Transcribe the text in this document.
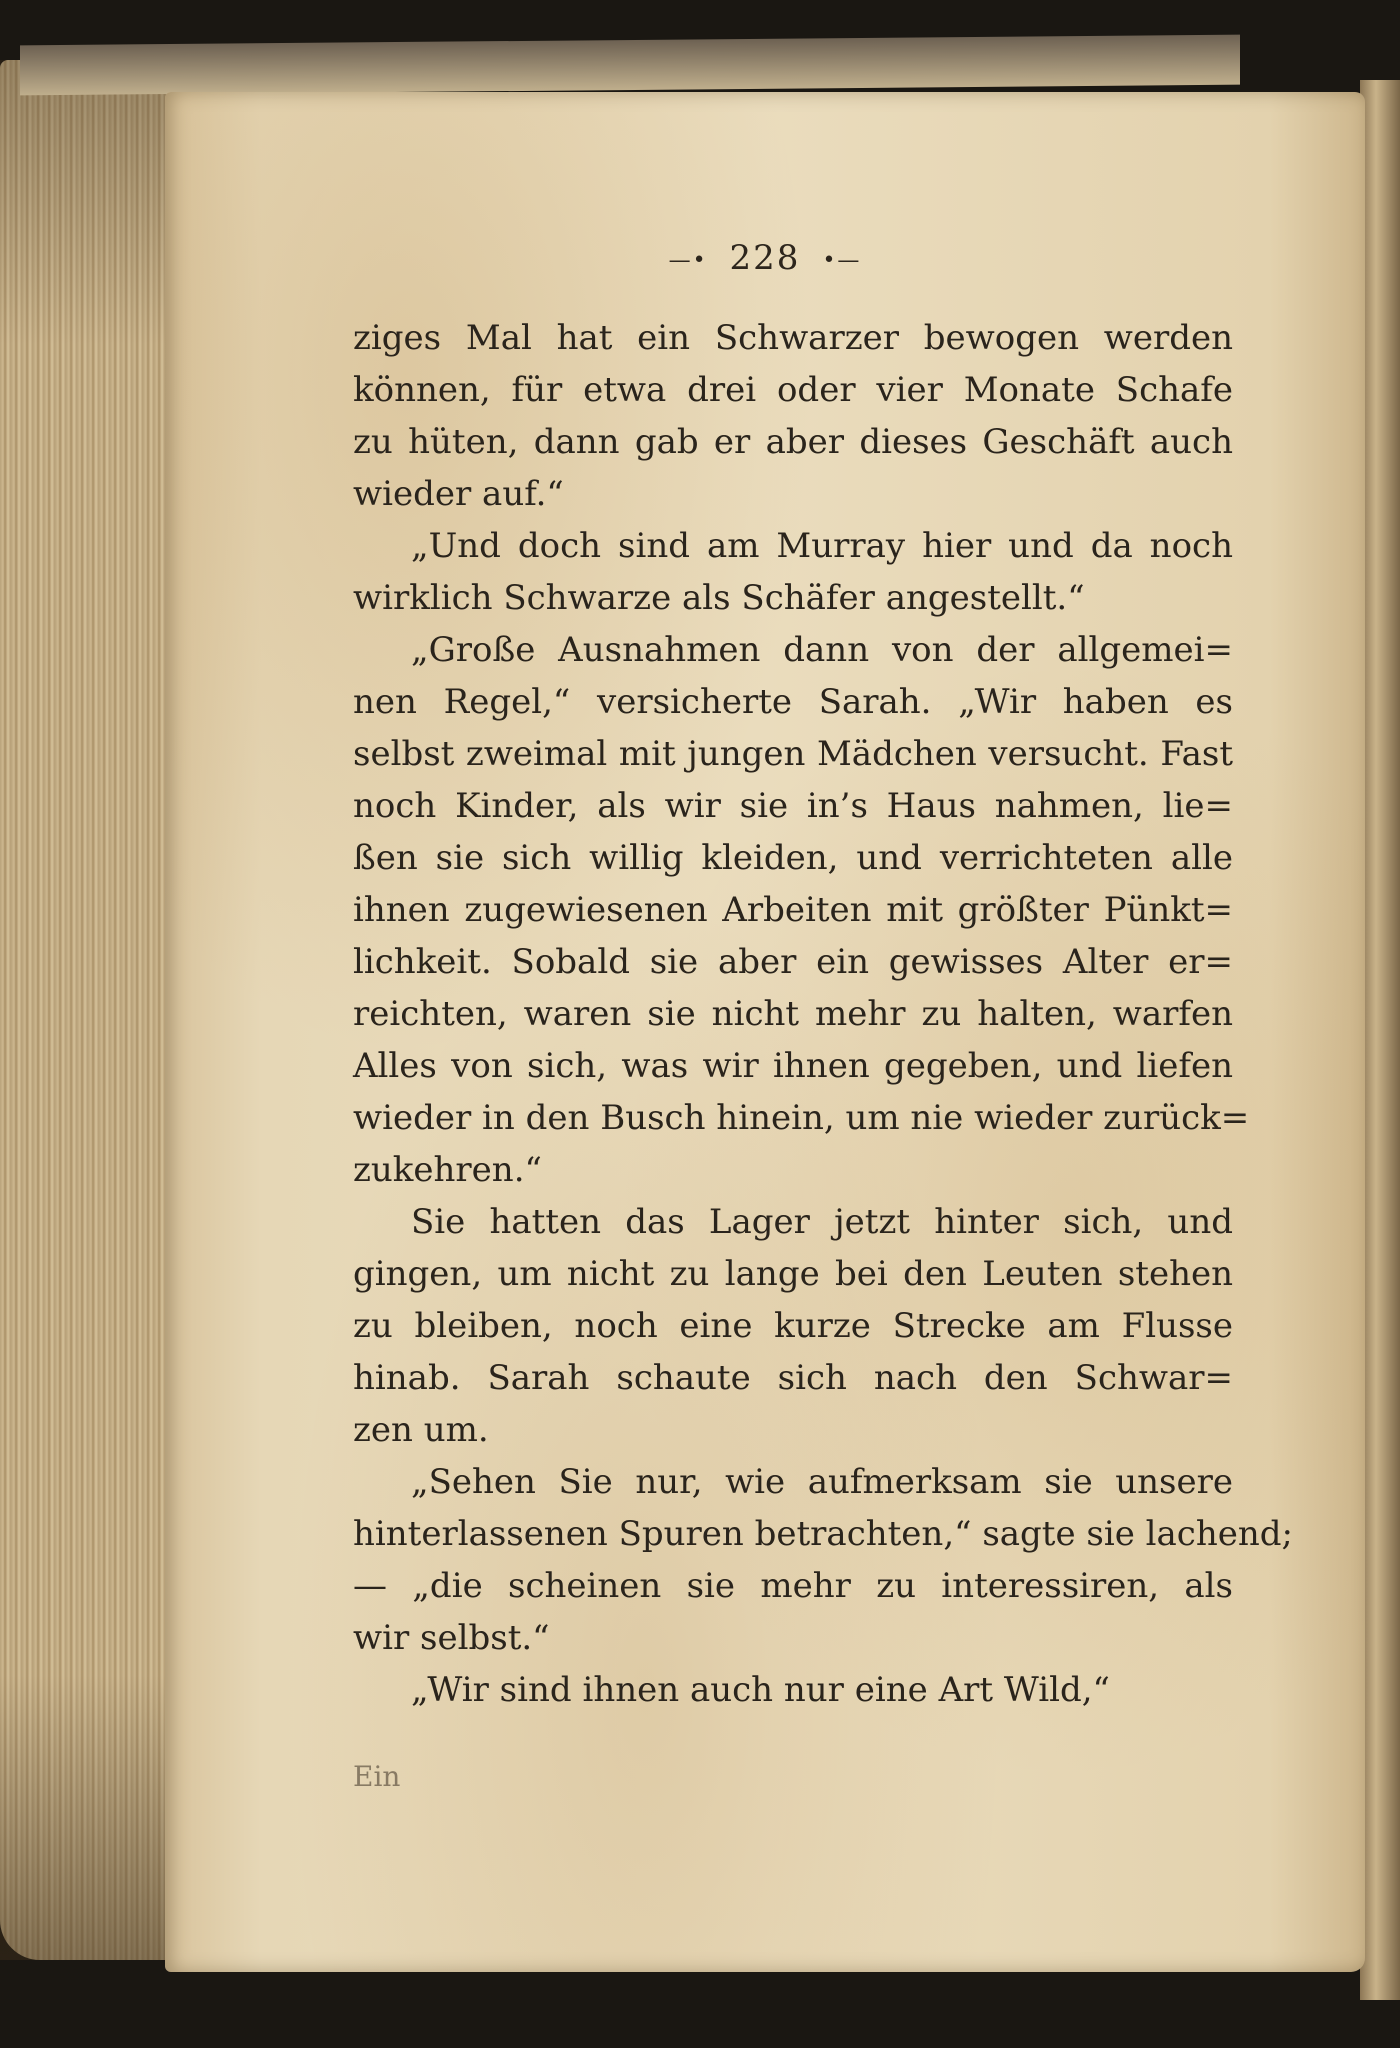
—• 228 •—
ziges Mal hat ein Schwarzer bewogen werden
können, für etwa drei oder vier Monate Schafe
zu hüten, dann gab er aber dieses Geschäft auch
wieder auf.“
„Und doch sind am Murray hier und da noch
wirklich Schwarze als Schäfer angestellt.“
„Große Ausnahmen dann von der allgemei=
nen Regel,“ versicherte Sarah. „Wir haben es
selbst zweimal mit jungen Mädchen versucht. Fast
noch Kinder, als wir sie in’s Haus nahmen, lie=
ßen sie sich willig kleiden, und verrichteten alle
ihnen zugewiesenen Arbeiten mit größter Pünkt=
lichkeit. Sobald sie aber ein gewisses Alter er=
reichten, waren sie nicht mehr zu halten, warfen
Alles von sich, was wir ihnen gegeben, und liefen
wieder in den Busch hinein, um nie wieder zurück=
zukehren.“
Sie hatten das Lager jetzt hinter sich, und
gingen, um nicht zu lange bei den Leuten stehen
zu bleiben, noch eine kurze Strecke am Flusse
hinab. Sarah schaute sich nach den Schwar=
zen um.
„Sehen Sie nur, wie aufmerksam sie unsere
hinterlassenen Spuren betrachten,“ sagte sie lachend;
— „die scheinen sie mehr zu interessiren, als
wir selbst.“
„Wir sind ihnen auch nur eine Art Wild,“
Ein
